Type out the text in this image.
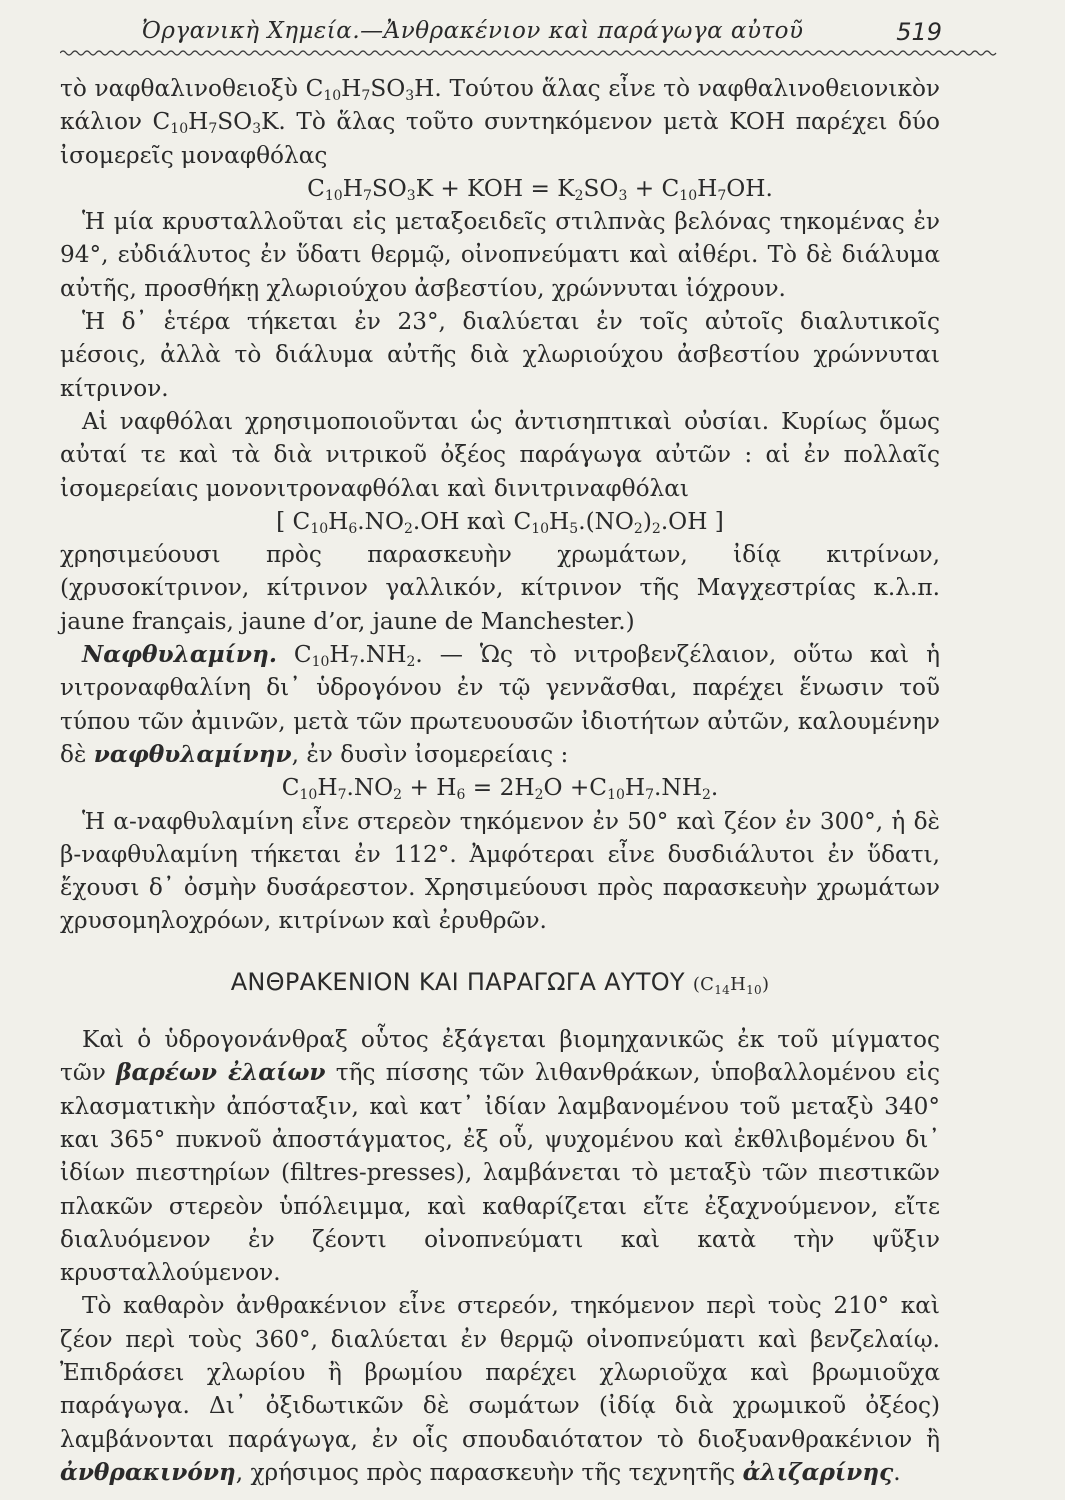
Ὀργανικὴ Χημεία.—Ἀνθρακένιον καὶ παράγωγα αὐτοῦ	519

τὸ ναφθαλινοθειοξὺ $C_{10}H_7SO_3H$. Τούτου ἅλας εἶνε τὸ ναφθαλινοθειονικὸν κάλιον $C_{10}H_7SO_3K$. Τὸ ἅλας τοῦτο συντηκόμενον μετὰ KOH παρέχει δύο ἰσομερεῖς μοναφθόλας

$C_{10}H_7SO_3K$ + KOH = $K_2SO_3 + C_{10}H_7OH$.

Ἡ μία κρυσταλλοῦται εἰς μεταξοειδεῖς στιλπνὰς βελόνας τηκομένας ἐν 94°, εὐδιάλυτος ἐν ὕδατι θερμῷ, οἰνοπνεύματι καὶ αἰθέρι. Τὸ δὲ διάλυμα αὐτῆς, προσθήκῃ χλωριούχου ἀσβεστίου, χρώννυται ἰόχρουν.

Ἡ δ᾽ ἑτέρα τήκεται ἐν 23°, διαλύεται ἐν τοῖς αὐτοῖς διαλυτικοῖς μέσοις, ἀλλὰ τὸ διάλυμα αὐτῆς διὰ χλωριούχου ἀσβεστίου χρώννυται κίτρινον.

Αἱ ναφθόλαι χρησιμοποιοῦνται ὡς ἀντισηπτικαὶ οὐσίαι. Κυρίως ὅμως αὐταί τε καὶ τὰ διὰ νιτρικοῦ ὀξέος παράγωγα αὐτῶν : αἱ ἐν πολλαῖς ἰσομερείαις μονονιτροναφθόλαι καὶ δινιτριναφθόλαι

[ $C_{10}H_6.NO_2.OH$ καὶ $C_{10}H_5.(NO_2)_2.OH$ ]

χρησιμεύουσι πρὸς παρασκευὴν χρωμάτων, ἰδίᾳ κιτρίνων, (χρυσοκίτρινον, κίτρινον γαλλικόν, κίτρινον τῆς Μαγχεστρίας κ.λ.π. jaune français, jaune d’or, jaune de Manchester.)

Ναφθυλαμίνη. $C_{10}H_7.NH_2$. — Ὡς τὸ νιτροβενζέλαιον, οὕτω καὶ ἡ νιτροναφθαλίνη δι᾽ ὑδρογόνου ἐν τῷ γεννᾶσθαι, παρέχει ἕνωσιν τοῦ τύπου τῶν ἀμινῶν, μετὰ τῶν πρωτευουσῶν ἰδιοτήτων αὐτῶν, καλουμένην δὲ ναφθυλαμίνην, ἐν δυσὶν ἰσομερείαις :

$C_{10}H_7.NO_2 + H_6 = 2H_2O +C_{10}H_7.NH_2$.

Ἡ α-ναφθυλαμίνη εἶνε στερεὸν τηκόμενον ἐν 50° καὶ ζέον ἐν 300°, ἡ δὲ β-ναφθυλαμίνη τήκεται ἐν 112°. Ἀμφότεραι εἶνε δυσδιάλυτοι ἐν ὕδατι, ἔχουσι δ᾽ ὀσμὴν δυσάρεστον. Χρησιμεύουσι πρὸς παρασκευὴν χρωμάτων χρυσομηλοχρόων, κιτρίνων καὶ ἐρυθρῶν.

ΑΝΘΡΑΚΕΝΙΟΝ ΚΑΙ ΠΑΡΑΓΩΓΑ ΑΥΤΟΥ $(C_{14}H_{10})$

Καὶ ὁ ὑδρογονάνθραξ οὗτος ἐξάγεται βιομηχανικῶς ἐκ τοῦ μίγματος τῶν βαρέων ἐλαίων τῆς πίσσης τῶν λιθανθράκων, ὑποβαλλομένου εἰς κλασματικὴν ἀπόσταξιν, καὶ κατ᾽ ἰδίαν λαμβανομένου τοῦ μεταξὺ 340° και 365° πυκνοῦ ἀποστάγματος, ἐξ οὗ, ψυχομένου καὶ ἐκθλιβομένου δι᾽ ἰδίων πιεστηρίων (filtres-presses), λαμβάνεται τὸ μεταξὺ τῶν πιεστικῶν πλακῶν στερεὸν ὑπόλειμμα, καὶ καθαρίζεται εἴτε ἐξαχνούμενον, εἴτε διαλυόμενον ἐν ζέοντι οἰνοπνεύματι καὶ κατὰ τὴν ψῦξιν κρυσταλλούμενον.

Τὸ καθαρὸν ἀνθρακένιον εἶνε στερεόν, τηκόμενον περὶ τοὺς 210° καὶ ζέον περὶ τοὺς 360°, διαλύεται ἐν θερμῷ οἰνοπνεύματι καὶ βενζελαίῳ. Ἐπιδράσει χλωρίου ἢ βρωμίου παρέχει χλωριοῦχα καὶ βρωμιοῦχα παράγωγα. Δι᾽ ὀξιδωτικῶν δὲ σωμάτων (ἰδίᾳ διὰ χρωμικοῦ ὀξέος) λαμβάνονται παράγωγα, ἐν οἷς σπουδαιότατον τὸ διοξυανθρακένιον ἢ ἀνθρακινόνη, χρήσιμος πρὸς παρασκευὴν τῆς τεχνητῆς ἀλιζαρίνης.
